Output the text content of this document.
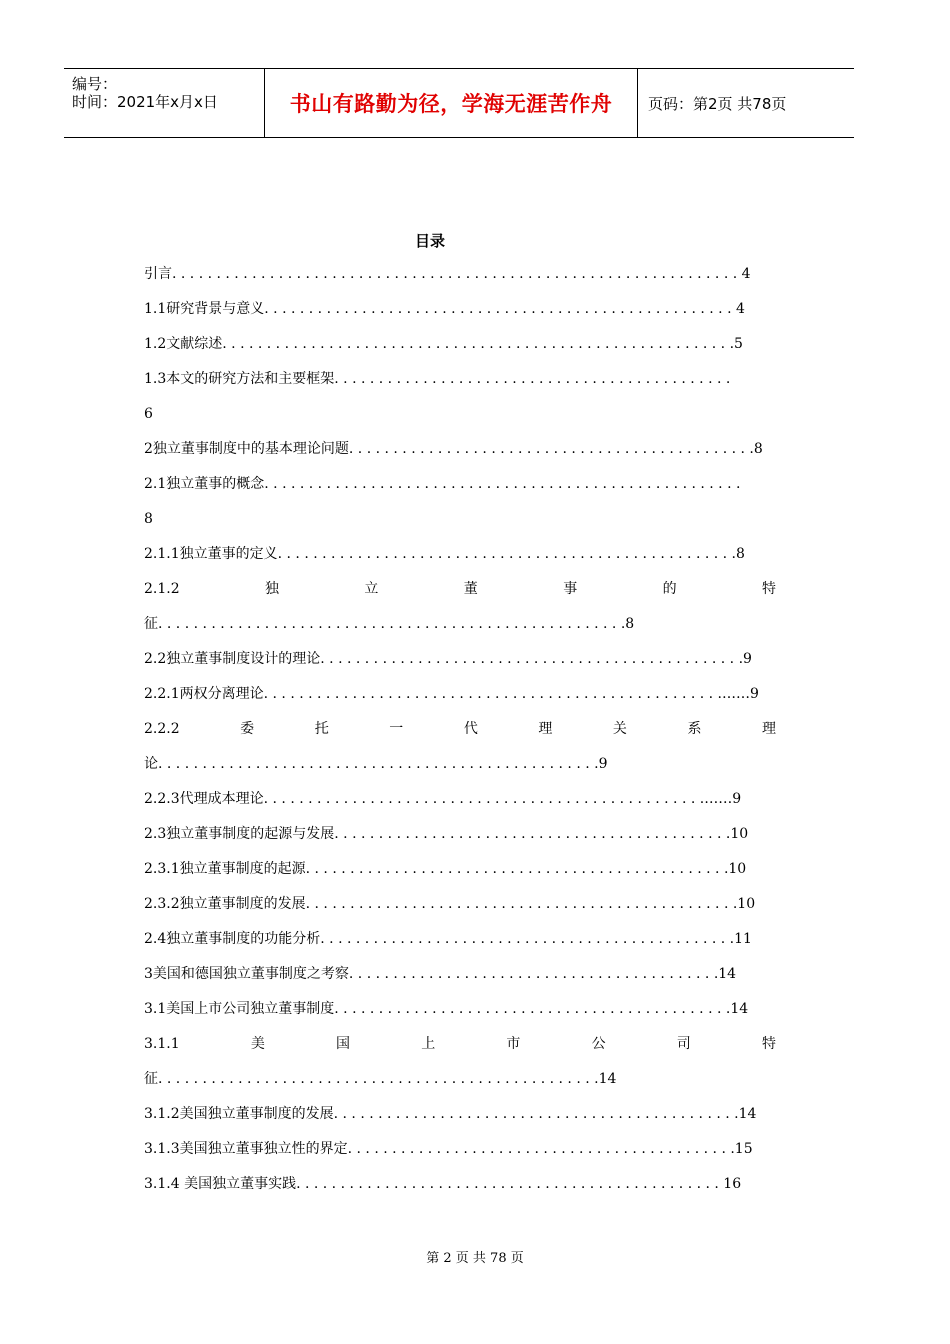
编号：
时间：2021年x月x日	书山有路勤为径，学海无涯苦作舟 页码：第2页 共78页
目录
引言. . . . . . . . . . . . . . . . . . . . . . . . . . . . . . . . . . . . . . . . . . . . . . . . . . . . . . . . . . . . . . . . 4
1.1研究背景与意义. . . . . . . . . . . . . . . . . . . . . . . . . . . . . . . . . . . . . . . . . . . . . . . . . . . . . 4
1.2文献综述. . . . . . . . . . . . . . . . . . . . . . . . . . . . . . . . . . . . . . . . . . . . . . . . . . . . . . . . . .5
1.3本文的研究方法和主要框架. . . . . . . . . . . . . . . . . . . . . . . . . . . . . . . . . . . . . . . . . . . . .
6
2独立董事制度中的基本理论问题. . . . . . . . . . . . . . . . . . . . . . . . . . . . . . . . . . . . . . . . . . . . . .8
2.1独立董事的概念. . . . . . . . . . . . . . . . . . . . . . . . . . . . . . . . . . . . . . . . . . . . . . . . . . . . . .
8
2.1.1独立董事的定义. . . . . . . . . . . . . . . . . . . . . . . . . . . . . . . . . . . . . . . . . . . . . . . . . . . .8
2.1.2	独	立	董	事	的	特
征. . . . . . . . . . . . . . . . . . . . . . . . . . . . . . . . . . . . . . . . . . . . . . . . . . . . .8
2.2独立董事制度设计的理论. . . . . . . . . . . . . . . . . . . . . . . . . . . . . . . . . . . . . . . . . . . . . . . .9
2.2.1两权分离理论. . . . . . . . . . . . . . . . . . . . . . . . . . . . . . . . . . . . . . . . . . . . . . . . . . . .……9
2.2.2	委	托	一	代	理	关	系	理
论. . . . . . . . . . . . . . . . . . . . . . . . . . . . . . . . . . . . . . . . . . . . . . . . . .9
2.2.3代理成本理论. . . . . . . . . . . . . . . . . . . . . . . . . . . . . . . . . . . . . . . . . . . . . . . . . .……9
2.3独立董事制度的起源与发展. . . . . . . . . . . . . . . . . . . . . . . . . . . . . . . . . . . . . . . . . . . . .10
2.3.1独立董事制度的起源. . . . . . . . . . . . . . . . . . . . . . . . . . . . . . . . . . . . . . . . . . . . . . . .10
2.3.2独立董事制度的发展. . . . . . . . . . . . . . . . . . . . . . . . . . . . . . . . . . . . . . . . . . . . . . . . .10
2.4独立董事制度的功能分析. . . . . . . . . . . . . . . . . . . . . . . . . . . . . . . . . . . . . . . . . . . . . . .11
3美国和德国独立董事制度之考察. . . . . . . . . . . . . . . . . . . . . . . . . . . . . . . . . . . . . . . . . .14
3.1美国上市公司独立董事制度. . . . . . . . . . . . . . . . . . . . . . . . . . . . . . . . . . . . . . . . . . . . .14
3.1.1	美	国	上	市	公	司	特
征. . . . . . . . . . . . . . . . . . . . . . . . . . . . . . . . . . . . . . . . . . . . . . . . . .14
3.1.2美国独立董事制度的发展. . . . . . . . . . . . . . . . . . . . . . . . . . . . . . . . . . . . . . . . . . . . . .14
3.1.3美国独立董事独立性的界定. . . . . . . . . . . . . . . . . . . . . . . . . . . . . . . . . . . . . . . . . . . .15
3.1.4 美国独立董事实践. . . . . . . . . . . . . . . . . . . . . . . . . . . . . . . . . . . . . . . . . . . . . . . . 16
第 2 页 共 78 页
